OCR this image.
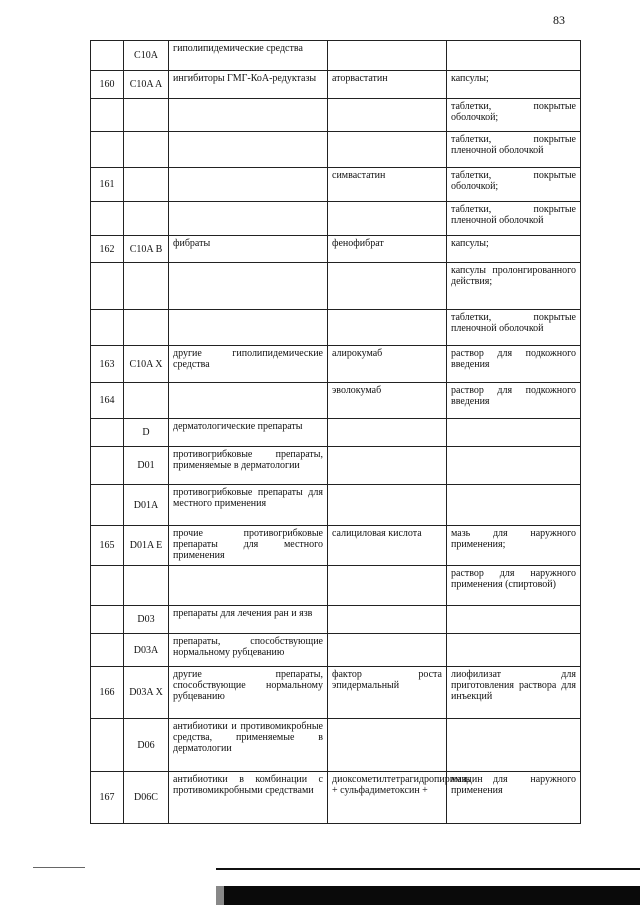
83
	C10A	гиполипидемические средства		
160	C10A A	ингибиторы ГМГ-КоА-редуктазы	аторвастатин	капсулы;
				таблетки, покрытые оболочкой;
				таблетки, покрытые пленочной оболочкой
161			симвастатин	таблетки, покрытые оболочкой;
				таблетки, покрытые пленочной оболочкой
162	C10A B	фибраты	фенофибрат	капсулы;
				капсулы пролонгированного действия;
				таблетки, покрытые пленочной оболочкой
163	C10A X	другие гиполипидемические средства	алирокумаб	раствор для подкожного введения
164			эволокумаб	раствор для подкожного введения
	D	дерматологические препараты		
	D01	противогрибковые препараты, применяемые в дерматологии		
	D01A	противогрибковые препараты для местного применения		
165	D01A E	прочие противогрибковые препараты для местного применения	салициловая кислота	мазь для наружного применения;
				раствор для наружного применения (спиртовой)
	D03	препараты для лечения ран и язв		
	D03A	препараты, способствующие нормальному рубцеванию		
166	D03A X	другие препараты, способствующие нормальному рубцеванию	фактор роста эпидермальный	лиофилизат для приготовления раствора для инъекций
	D06	антибиотики и противомикробные средства, применяемые в дерматологии		
167	D06C	антибиотики в комбинации с противомикробными средствами	диоксометилтетрагидропиримидин + сульфадиметоксин +	мазь для наружного применения
